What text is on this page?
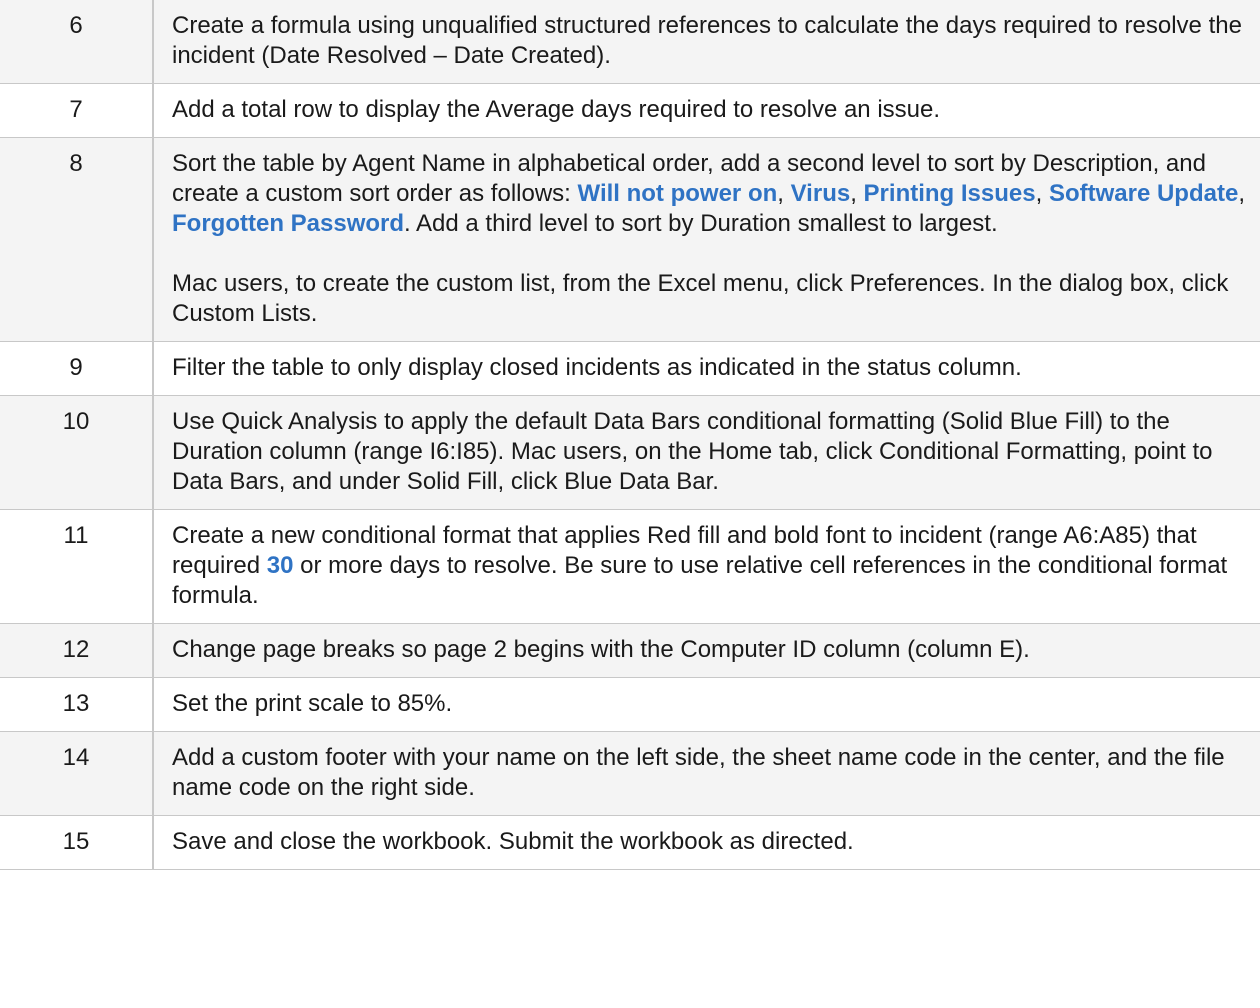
6	Create a formula using unqualified structured references to calculate the days required to resolve the incident (Date Resolved – Date Created).

7	Add a total row to display the Average days required to resolve an issue.

8	Sort the table by Agent Name in alphabetical order, add a second level to sort by Description, and create a custom sort order as follows: Will not power on, Virus, Printing Issues, Software Update, Forgotten Password. Add a third level to sort by Duration smallest to largest.
Mac users, to create the custom list, from the Excel menu, click Preferences. In the dialog box, click Custom Lists.

9	Filter the table to only display closed incidents as indicated in the status column.

10	Use Quick Analysis to apply the default Data Bars conditional formatting (Solid Blue Fill) to the Duration column (range I6:I85). Mac users, on the Home tab, click Conditional Formatting, point to Data Bars, and under Solid Fill, click Blue Data Bar.

11	Create a new conditional format that applies Red fill and bold font to incident (range A6:A85) that required 30 or more days to resolve. Be sure to use relative cell references in the conditional format formula.

12	Change page breaks so page 2 begins with the Computer ID column (column E).

13	Set the print scale to 85%.

14	Add a custom footer with your name on the left side, the sheet name code in the center, and the file name code on the right side.

15	Save and close the workbook. Submit the workbook as directed.
